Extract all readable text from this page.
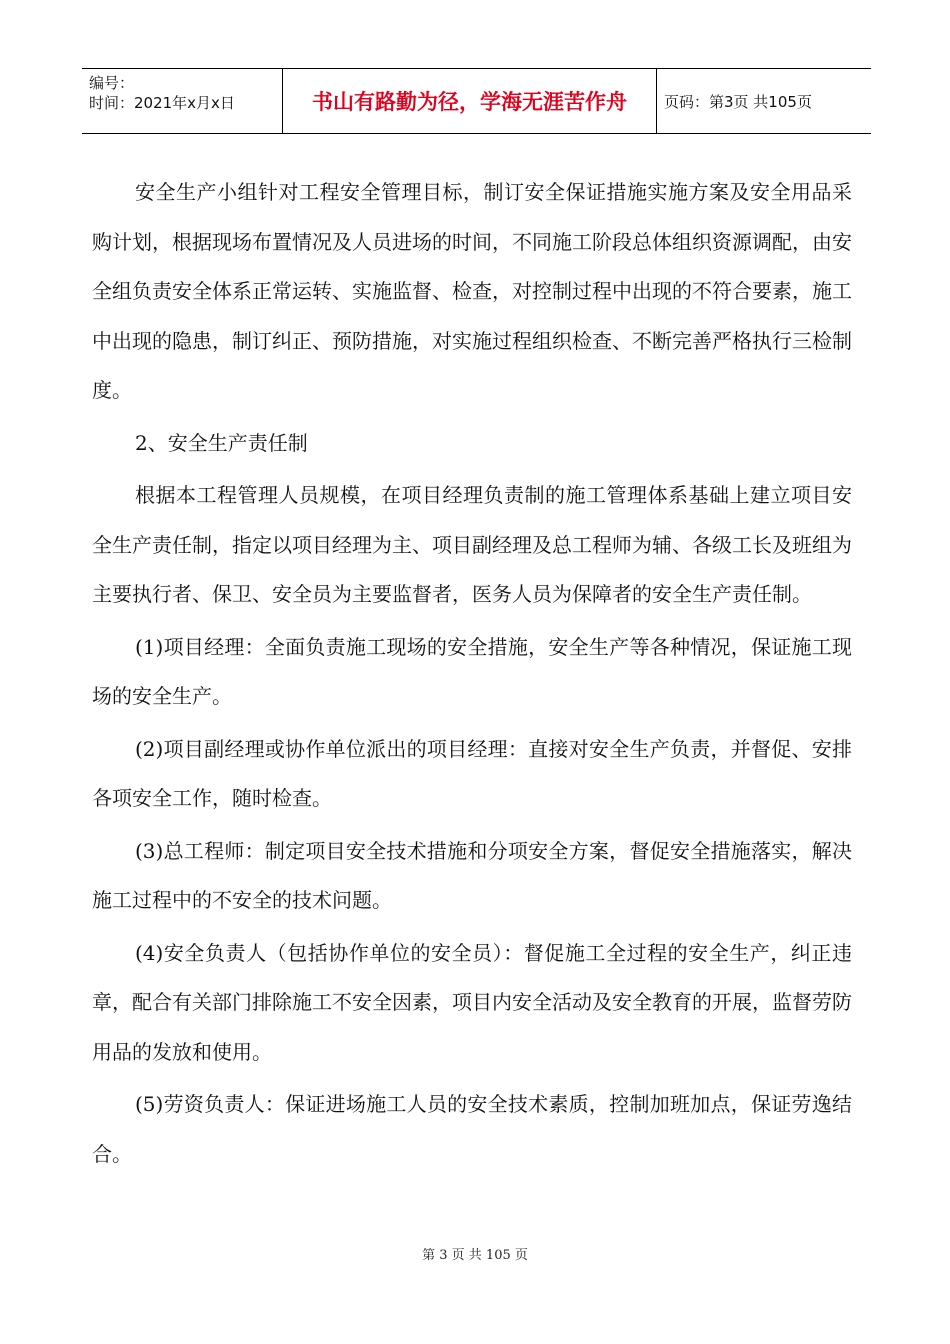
编号：
时间：2021年x月x日	书山有路勤为径，学海无涯苦作舟	页码：第3页 共105页

安全生产小组针对工程安全管理目标，制订安全保证措施实施方案及安全用品采购计划，根据现场布置情况及人员进场的时间，不同施工阶段总体组织资源调配，由安全组负责安全体系正常运转、实施监督、检查，对控制过程中出现的不符合要素，施工中出现的隐患，制订纠正、预防措施，对实施过程组织检查、不断完善严格执行三检制度。

2、安全生产责任制

根据本工程管理人员规模，在项目经理负责制的施工管理体系基础上建立项目安全生产责任制，指定以项目经理为主、项目副经理及总工程师为辅、各级工长及班组为主要执行者、保卫、安全员为主要监督者，医务人员为保障者的安全生产责任制。

(1)项目经理：全面负责施工现场的安全措施，安全生产等各种情况，保证施工现场的安全生产。

(2)项目副经理或协作单位派出的项目经理：直接对安全生产负责，并督促、安排各项安全工作，随时检查。

(3)总工程师：制定项目安全技术措施和分项安全方案，督促安全措施落实，解决施工过程中的不安全的技术问题。

(4)安全负责人（包括协作单位的安全员）：督促施工全过程的安全生产，纠正违章，配合有关部门排除施工不安全因素，项目内安全活动及安全教育的开展，监督劳防用品的发放和使用。

(5)劳资负责人：保证进场施工人员的安全技术素质，控制加班加点，保证劳逸结合。

第 3 页 共 105 页
